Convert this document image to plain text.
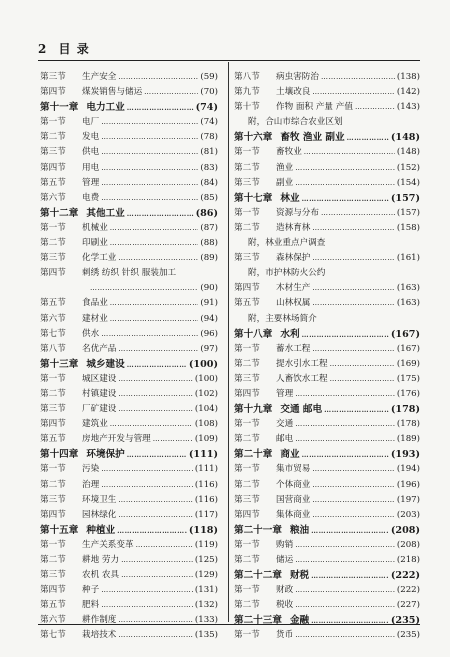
2 目 录
第三节	生产安全 ………………………………………………………………………………………………………………	(59)
第四节	煤炭销售与储运 ………………………………………………………………………………………………………………	(70)
第十一章 电力工业 ………………………………………………………………………………………………………………	(74)
第一节	电厂 ………………………………………………………………………………………………………………	(74)
第二节	发电 ………………………………………………………………………………………………………………	(78)
第三节	供电 ………………………………………………………………………………………………………………	(81)
第四节	用电 ………………………………………………………………………………………………………………	(83)
第五节	管理 ………………………………………………………………………………………………………………	(84)
第六节	电费 ………………………………………………………………………………………………………………	(85)
第十二章 其他工业 ………………………………………………………………………………………………………………	(86)
第一节	机械业 ………………………………………………………………………………………………………………	(87)
第二节	印刷业 ………………………………………………………………………………………………………………	(88)
第三节	化学工业 ………………………………………………………………………………………………………………	(89)
第四节	刺绣 纺织 针织 服装加工
………………………………………………………………………………………………………………
(90)
第五节	食品业 ………………………………………………………………………………………………………………	(91)
第六节	建材业 ………………………………………………………………………………………………………………	(94)
第七节	供水 ………………………………………………………………………………………………………………	(96)
第八节	名优产品 ………………………………………………………………………………………………………………	(97)
第十三章 城乡建设 ………………………………………………………………………………………………………………	(100)
第一节	城区建设 ………………………………………………………………………………………………………………	(100)
第二节	村镇建设 ………………………………………………………………………………………………………………	(102)
第三节	厂矿建设 ………………………………………………………………………………………………………………	(104)
第四节	建筑业 ………………………………………………………………………………………………………………	(108)
第五节	房地产开发与管理 ………………………………………………………………………………………………………………	(109)
第十四章 环境保护 ………………………………………………………………………………………………………………	(111)
第一节	污染 ………………………………………………………………………………………………………………	(111)
第二节	治理 ………………………………………………………………………………………………………………	(116)
第三节	环境卫生 ………………………………………………………………………………………………………………	(116)
第四节	园林绿化 ………………………………………………………………………………………………………………	(117)
第十五章 种植业 ………………………………………………………………………………………………………………	(118)
第一节	生产关系变革 ………………………………………………………………………………………………………………	(119)
第二节	耕地 劳力 ………………………………………………………………………………………………………………	(125)
第三节	农机 农具 ………………………………………………………………………………………………………………	(129)
第四节	种子 ………………………………………………………………………………………………………………	(131)
第五节	肥料 ………………………………………………………………………………………………………………	(132)
第六节	耕作制度 ………………………………………………………………………………………………………………	(133)
第七节	栽培技术 ………………………………………………………………………………………………………………	(135)
第八节	病虫害防治 ………………………………………………………………………………………………………………	(138)
第九节	土壤改良 ………………………………………………………………………………………………………………	(142)
第十节	作物 面积 产量 产值 ………………………………………………………………………………………………………………	(143)
附，合山市综合农业区划
第十六章 畜牧 渔业 副业 ………………………………………………………………………………………………………………	(148)
第一节	畜牧业 ………………………………………………………………………………………………………………	(148)
第二节	渔业 ………………………………………………………………………………………………………………	(152)
第三节	副业 ………………………………………………………………………………………………………………	(154)
第十七章 林业 ………………………………………………………………………………………………………………	(157)
第一节	资源与分布 ………………………………………………………………………………………………………………	(157)
第二节	造林育林 ………………………………………………………………………………………………………………	(158)
附，林业重点户调查
第三节	森林保护 ………………………………………………………………………………………………………………	(161)
附，市护林防火公约
第四节	木材生产 ………………………………………………………………………………………………………………	(163)
第五节	山林权属 ………………………………………………………………………………………………………………	(163)
附，主要林场简介
第十八章 水利 ………………………………………………………………………………………………………………	(167)
第一节	蓄水工程 ………………………………………………………………………………………………………………	(167)
第二节	提水引水工程 ………………………………………………………………………………………………………………	(169)
第三节	人畜饮水工程 ………………………………………………………………………………………………………………	(175)
第四节	管理 ………………………………………………………………………………………………………………	(176)
第十九章 交通 邮电 ………………………………………………………………………………………………………………	(178)
第一节	交通 ………………………………………………………………………………………………………………	(178)
第二节	邮电 ………………………………………………………………………………………………………………	(189)
第二十章 商业 ………………………………………………………………………………………………………………	(193)
第一节	集市贸易 ………………………………………………………………………………………………………………	(194)
第二节	个体商业 ………………………………………………………………………………………………………………	(196)
第三节	国营商业 ………………………………………………………………………………………………………………	(197)
第四节	集体商业 ………………………………………………………………………………………………………………	(203)
第二十一章 粮油 ………………………………………………………………………………………………………………	(208)
第一节	购销 ………………………………………………………………………………………………………………	(208)
第二节	储运 ………………………………………………………………………………………………………………	(218)
第二十二章 财税 ………………………………………………………………………………………………………………	(222)
第一节	财政 ………………………………………………………………………………………………………………	(222)
第二节	税收 ………………………………………………………………………………………………………………	(227)
第二十三章 金融 ………………………………………………………………………………………………………………	(235)
第一节	货币 ………………………………………………………………………………………………………………	(235)
